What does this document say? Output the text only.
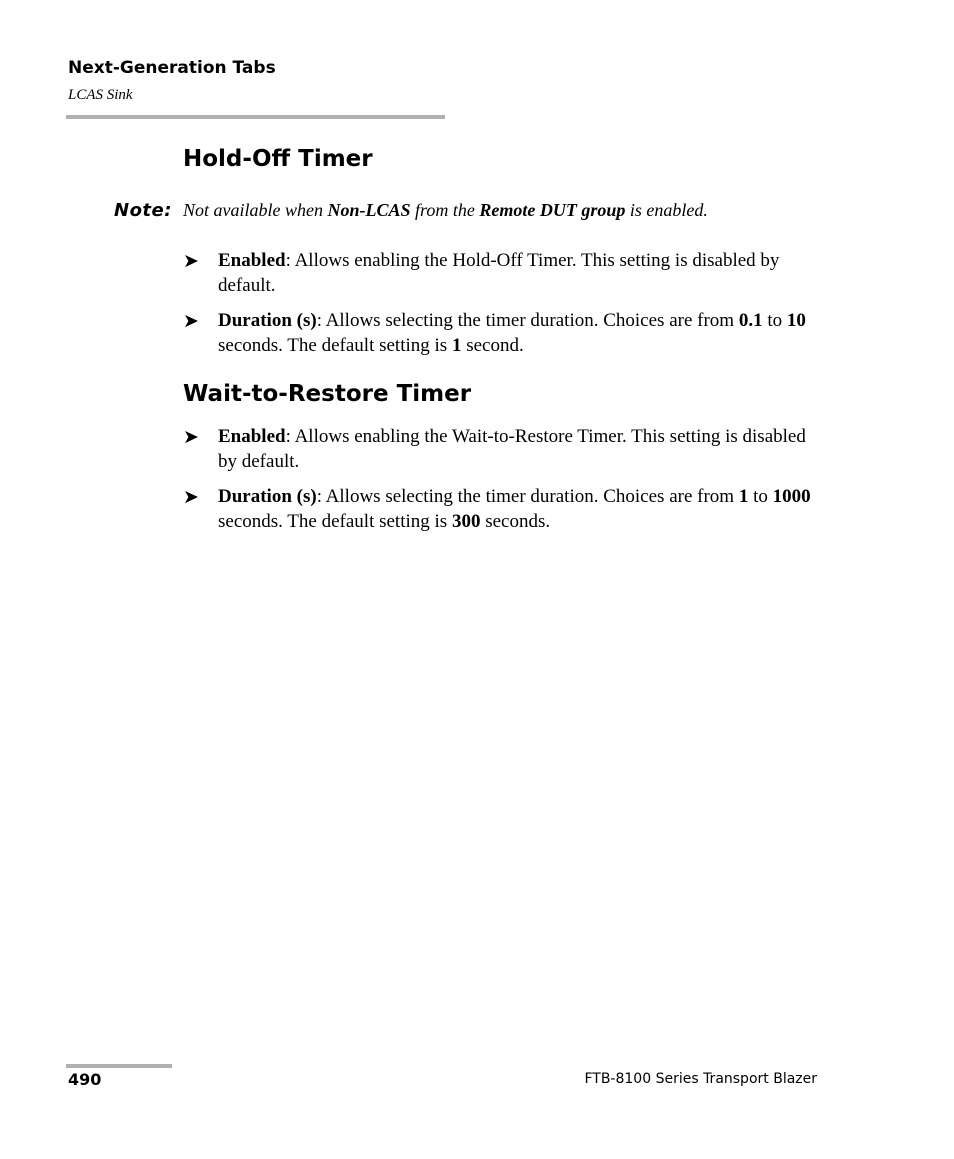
Next-Generation Tabs
LCAS Sink
Hold-Off Timer
Note: Not available when Non-LCAS from the Remote DUT group is enabled.
➤ Enabled: Allows enabling the Hold-Off Timer. This setting is disabled by default.
➤ Duration (s): Allows selecting the timer duration. Choices are from 0.1 to 10 seconds. The default setting is 1 second.
Wait-to-Restore Timer
➤ Enabled: Allows enabling the Wait-to-Restore Timer. This setting is disabled by default.
➤ Duration (s): Allows selecting the timer duration. Choices are from 1 to 1000 seconds. The default setting is 300 seconds.
490	FTB-8100 Series Transport Blazer
